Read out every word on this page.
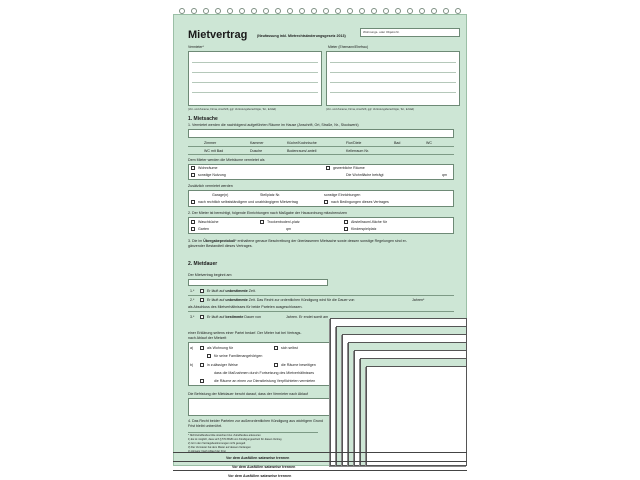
Mietvertrag	(Neufassung inkl. Mietrechtsänderungsgesetz 2013)
Wohnungs- oder Objekt-Nr.
Vermieter*	Mieter (Ehemann/Ehefrau)
(Vor- und Zuname, Firma, Anschrift, ggf. Vertretungsberechtigte, Tel., E-Mail)	(Vor- und Zuname, Firma, Anschrift, ggf. Vertretungsberechtigte, Tel., E-Mail)
1. Mietsache
1. Vermietet werden die nachfolgend aufgeführten Räume im Hause (Anschrift, Ort, Straße, Nr., Stockwerk)
Zimmer	Kammer	Küche/Kochnische	Flur/Diele	Bad	WC
WC mit Bad	Dusche	Bodenraum/-anteil	Kellerraum Nr.
Dem Mieter werden die Mieträume vermietet als
Wohnräume	gewerbliche Räume
sonstige Nutzung	Die Wohnfläche beträgt	qm
Zusätzlich vermietet werden
Garage(n)	Stellplatz Nr.	sonstige Einrichtungen
nach rechtlich selbstständigem und unabhängigem Mietvertrag	nach Bedingungen dieses Vertrages
2. Der Mieter ist berechtigt, folgende Einrichtungen nach Maßgabe der Hausordnung mitzubenutzen
Waschküche	Trockenboden/-platz	Abstellraum/-fläche für
Garten	qm	Kinderspielplatz
3. Die im Übergabeprotokoll* enthaltene genaue Beschreibung der überlassenen Mietsache sowie dessen sonstige Regelungen sind er-
gänzender Bestandteil dieses Vertrages.
2. Mietdauer
Der Mietvertrag beginnt am
1.*	Er läuft auf unbestimmte Zeit.
2.*	Er läuft auf unbestimmte Zeit. Das Recht zur ordentlichen Kündigung wird für die Dauer von	Jahren*
als Abschluss des Mietverhältnisses für beide Parteien ausgeschlossen.
3.*	Er läuft auf bestimmte Dauer von	Jahren. Er endet somit am
einer Erklärung seitens einer Partei bedarf. Der Mieter hat bei Vertrags-
nach Ablauf der Mietzeit
a)	als Wohnung für	sich selbst
für seine Familienangehörigen
b)	in zulässiger Weise	die Räume beseitigen
dass die Maßnahmen durch Fortsetzung des Mietverhältnisses
die Räume an einen zur Dienstleistung Verpflichteten vermieten
Die Befristung der Mietdauer beruht darauf, dass der Vermieter nach Ablauf
4. Das Recht beider Parteien zur außerordentlichen Kündigung aus wichtigem Grund
Frist bleibt unberührt.
* Nichtzutreffendes bitte streichen bzw. Zutreffendes ankreuzen
1) Es ist möglich, dass sich § 574 BGB vom Kündigungsschutz für diesen Vertrag
2) Ist in den Vertragsbestimmungen nicht geregelt
3) Der Vermieter hat dem Mieter auf dessen Verlangen
4) Hinweis: Nach Ablauf der Frist
Vor dem Ausfüllen satzweise trennen
Vor dem Ausfüllen satzweise trennen
Vor dem Ausfüllen satzweise trennen
